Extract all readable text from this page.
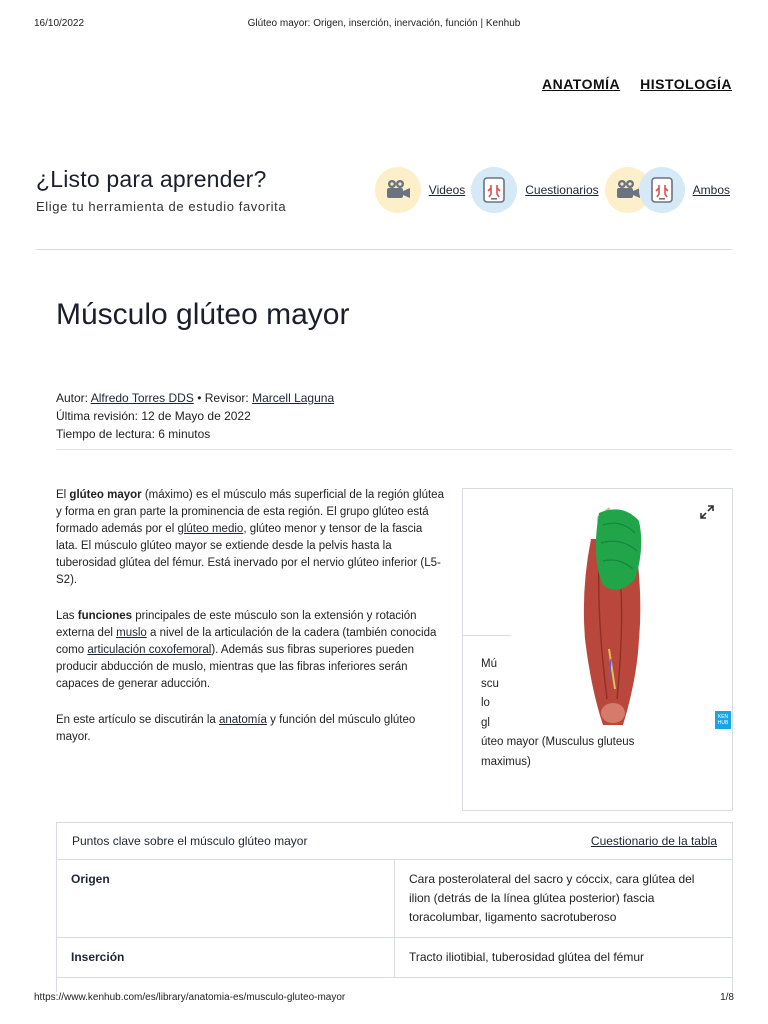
16/10/2022	Glúteo mayor: Origen, inserción, inervación, función | Kenhub
ANATOMÍA HISTOLOGÍA
¿Listo para aprender?
Elige tu herramienta de estudio favorita
Videos	Cuestionarios	Ambos
Músculo glúteo mayor
Autor: Alfredo Torres DDS • Revisor: Marcell Laguna
Última revisión: 12 de Mayo de 2022
Tiempo de lectura: 6 minutos

El glúteo mayor (máximo) es el músculo más superficial de la región glútea y forma en gran parte la prominencia de esta región. El grupo glúteo está formado además por el glúteo medio, glúteo menor y tensor de la fascia lata. El músculo glúteo mayor se extiende desde la pelvis hasta la tuberosidad glútea del fémur. Está inervado por el nervio glúteo inferior (L5-S2).

Las funciones principales de este músculo son la extensión y rotación externa del muslo a nivel de la articulación de la cadera (también conocida como articulación coxofemoral). Además sus fibras superiores pueden producir abducción de muslo, mientras que las fibras inferiores serán capaces de generar aducción.

En este artículo se discutirán la anatomía y función del músculo glúteo mayor.

Músculo gl
úteo mayor (Musculus gluteus maximus)
KEN HUB
Puntos clave sobre el músculo glúteo mayor	Cuestionario de la tabla
Origen	Cara posterolateral del sacro y cóccix, cara glútea del ilion (detrás de la línea glútea posterior) fascia toracolumbar, ligamento sacrotuberoso
Inserción	Tracto iliotibial, tuberosidad glútea del fémur
https://www.kenhub.com/es/library/anatomia-es/musculo-gluteo-mayor	1/8
